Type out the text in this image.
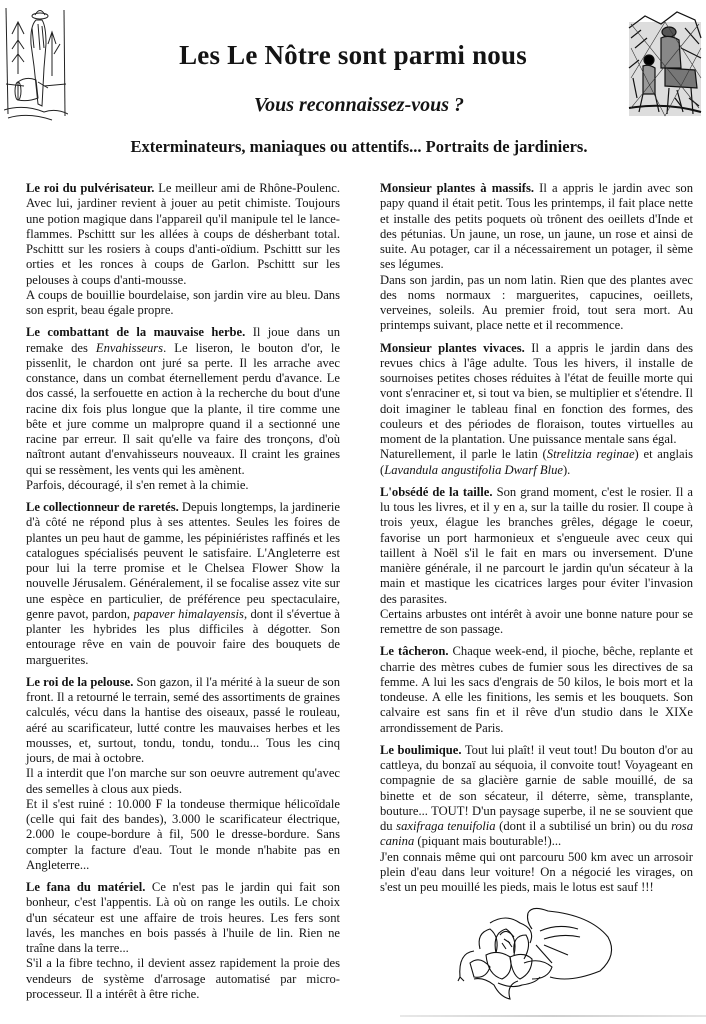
Les Le Nôtre sont parmi nous
Vous reconnaissez-vous ?
Exterminateurs, maniaques ou attentifs... Portraits de jardiniers.

Le roi du pulvérisateur. Le meilleur ami de Rhône-Poulenc. Avec lui, jardiner revient à jouer au petit chimiste. Toujours une potion magique dans l'appareil qu'il manipule tel le lance-flammes. Pschittt sur les allées à coups de désherbant total. Pschittt sur les rosiers à coups d'anti-oïdium. Pschittt sur les orties et les ronces à coups de Garlon. Pschittt sur les pelouses à coups d'anti-mousse.

A coups de bouillie bourdelaise, son jardin vire au bleu. Dans son esprit, beau égale propre.

Le combattant de la mauvaise herbe. Il joue dans un remake des Envahisseurs. Le liseron, le bouton d'or, le pissenlit, le chardon ont juré sa perte. Il les arrache avec constance, dans un combat éternellement perdu d'avance. Le dos cassé, la serfouette en action à la recherche du bout d'une racine dix fois plus longue que la plante, il tire comme une bête et jure comme un malpropre quand il a sectionné une racine par erreur. Il sait qu'elle va faire des tronçons, d'où naîtront autant d'envahisseurs nouveaux. Il craint les graines qui se ressèment, les vents qui les amènent.

Parfois, découragé, il s'en remet à la chimie.

Le collectionneur de raretés. Depuis longtemps, la jardinerie d'à côté ne répond plus à ses attentes. Seules les foires de plantes un peu haut de gamme, les pépiniéristes raffinés et les catalogues spécialisés peuvent le satisfaire. L'Angleterre est pour lui la terre promise et le Chelsea Flower Show la nouvelle Jérusalem. Généralement, il se focalise assez vite sur une espèce en particulier, de préférence peu spectaculaire, genre pavot, pardon, papaver himalayensis, dont il s'évertue à planter les hybrides les plus difficiles à dégotter. Son entourage rêve en vain de pouvoir faire des bouquets de marguerites.

Le roi de la pelouse. Son gazon, il l'a mérité à la sueur de son front. Il a retourné le terrain, semé des assortiments de graines calculés, vécu dans la hantise des oiseaux, passé le rouleau, aéré au scarificateur, lutté contre les mauvaises herbes et les mousses, et, surtout, tondu, tondu, tondu... Tous les cinq jours, de mai à octobre.

Il a interdit que l'on marche sur son oeuvre autrement qu'avec des semelles à clous aux pieds.

Et il s'est ruiné : 10.000 F la tondeuse thermique hélicoïdale (celle qui fait des bandes), 3.000 le scarificateur électrique, 2.000 le coupe-bordure à fil, 500 le dresse-bordure. Sans compter la facture d'eau. Tout le monde n'habite pas en Angleterre...

Le fana du matériel. Ce n'est pas le jardin qui fait son bonheur, c'est l'appentis. Là où on range les outils. Le choix d'un sécateur est une affaire de trois heures. Les fers sont lavés, les manches en bois passés à l'huile de lin. Rien ne traîne dans la terre...

S'il a la fibre techno, il devient assez rapidement la proie des vendeurs de système d'arrosage automatisé par micro-processeur. Il a intérêt à être riche.

Monsieur plantes à massifs. Il a appris le jardin avec son papy quand il était petit. Tous les printemps, il fait place nette et installe des petits poquets où trônent des oeillets d'Inde et des pétunias. Un jaune, un rose, un jaune, un rose et ainsi de suite. Au potager, car il a nécessairement un potager, il sème ses légumes.

Dans son jardin, pas un nom latin. Rien que des plantes avec des noms normaux : marguerites, capucines, oeillets, verveines, soleils. Au premier froid, tout sera mort. Au printemps suivant, place nette et il recommence.

Monsieur plantes vivaces. Il a appris le jardin dans des revues chics à l'âge adulte. Tous les hivers, il installe de sournoises petites choses réduites à l'état de feuille morte qui vont s'enraciner et, si tout va bien, se multiplier et s'étendre. Il doit imaginer le tableau final en fonction des formes, des couleurs et des périodes de floraison, toutes virtuelles au moment de la plantation. Une puissance mentale sans égal.

Naturellement, il parle le latin (Strelitzia reginae) et anglais (Lavandula angustifolia Dwarf Blue).

L'obsédé de la taille. Son grand moment, c'est le rosier. Il a lu tous les livres, et il y en a, sur la taille du rosier. Il coupe à trois yeux, élague les branches grêles, dégage le coeur, favorise un port harmonieux et s'engueule avec ceux qui taillent à Noël s'il le fait en mars ou inversement. D'une manière générale, il ne parcourt le jardin qu'un sécateur à la main et mastique les cicatrices larges pour éviter l'invasion des parasites.

Certains arbustes ont intérêt à avoir une bonne nature pour se remettre de son passage.

Le tâcheron. Chaque week-end, il pioche, bêche, replante et charrie des mètres cubes de fumier sous les directives de sa femme. A lui les sacs d'engrais de 50 kilos, le bois mort et la tondeuse. A elle les finitions, les semis et les bouquets. Son calvaire est sans fin et il rêve d'un studio dans le XIXe arrondissement de Paris.

Le boulimique. Tout lui plaît! il veut tout! Du bouton d'or au cattleya, du bonzaï au séquoia, il convoite tout! Voyageant en compagnie de sa glacière garnie de sable mouillé, de sa binette et de son sécateur, il déterre, sème, transplante, bouture... TOUT! D'un paysage superbe, il ne se souvient que du saxifraga tenuifolia (dont il a subtilisé un brin) ou du rosa canina (piquant mais bouturable!)...

J'en connais même qui ont parcouru 500 km avec un arrosoir plein d'eau dans leur voiture! On a négocié les virages, on s'est un peu mouillé les pieds, mais le lotus est sauf !!!
